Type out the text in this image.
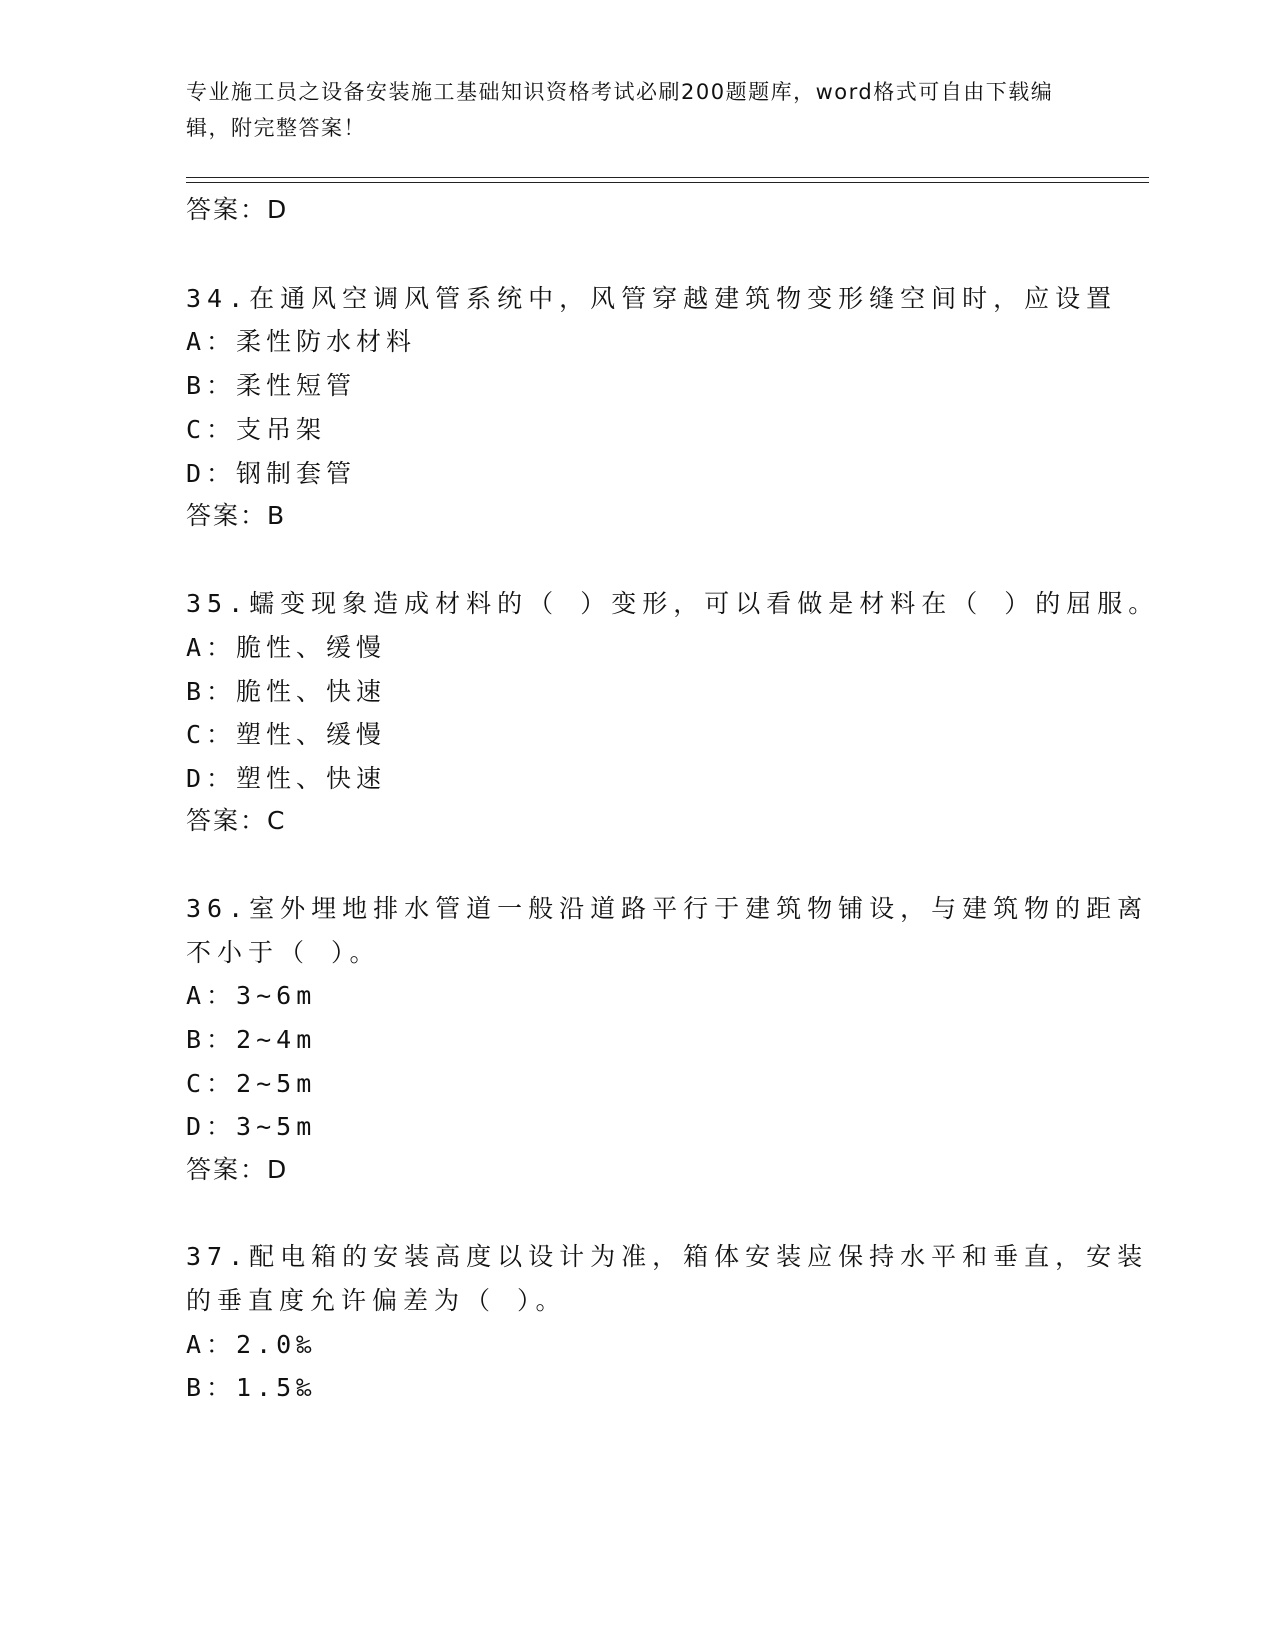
专业施工员之设备安装施工基础知识资格考试必刷200题题库，word格式可自由下载编辑，附完整答案！
答案：D
34.在通风空调风管系统中，风管穿越建筑物变形缝空间时，应设置
A：柔性防水材料
B：柔性短管
C：支吊架
D：钢制套管
答案：B
35.蠕变现象造成材料的（ ）变形，可以看做是材料在（ ）的屈服。
A：脆性、缓慢
B：脆性、快速
C：塑性、缓慢
D：塑性、快速
答案：C
36.室外埋地排水管道一般沿道路平行于建筑物铺设，与建筑物的距离
不小于（ ）。
A：3~6m
B：2~4m
C：2~5m
D：3~5m
答案：D
37.配电箱的安装高度以设计为准，箱体安装应保持水平和垂直，安装
的垂直度允许偏差为（ ）。
A：2.0‰
B：1.5‰
